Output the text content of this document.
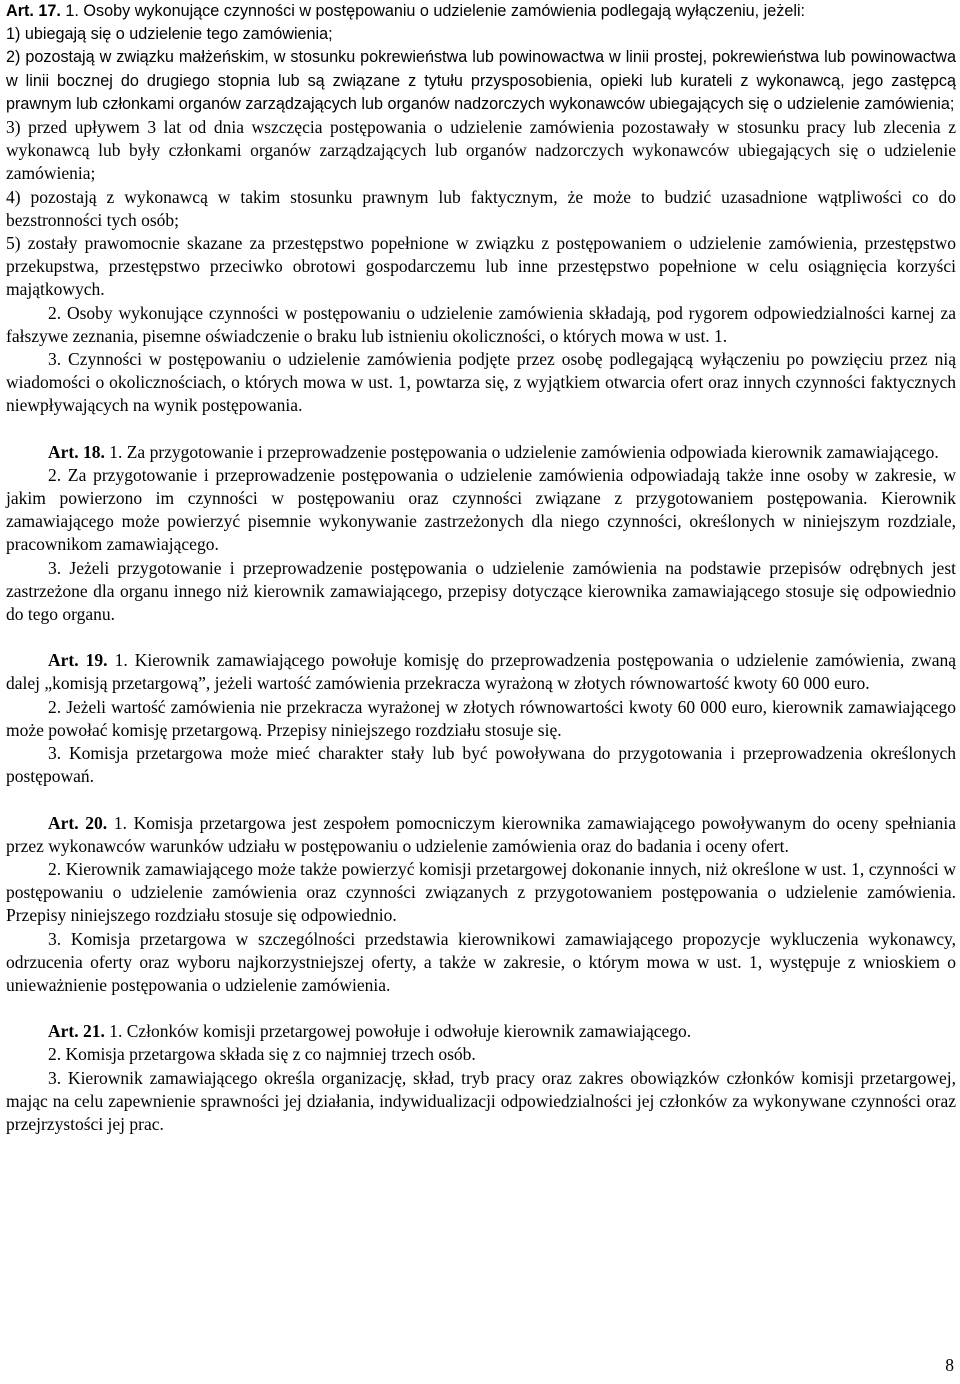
Art. 17. 1. Osoby wykonujące czynności w postępowaniu o udzielenie zamówienia podlegają wyłączeniu, jeżeli:

1) ubiegają się o udzielenie tego zamówienia;

2) pozostają w związku małżeńskim, w stosunku pokrewieństwa lub powinowactwa w linii prostej, pokrewieństwa lub powinowactwa w linii bocznej do drugiego stopnia lub są związane z tytułu przysposobienia, opieki lub kurateli z wykonawcą, jego zastępcą prawnym lub członkami organów zarządzających lub organów nadzorczych wykonawców ubiegających się o udzielenie zamówienia;

3) przed upływem 3 lat od dnia wszczęcia postępowania o udzielenie zamówienia pozostawały w stosunku pracy lub zlecenia z wykonawcą lub były członkami organów zarządzających lub organów nadzorczych wykonawców ubiegających się o udzielenie zamówienia;

4) pozostają z wykonawcą w takim stosunku prawnym lub faktycznym, że może to budzić uzasadnione wątpliwości co do bezstronności tych osób;

5) zostały prawomocnie skazane za przestępstwo popełnione w związku z postępowaniem o udzielenie zamówienia, przestępstwo przekupstwa, przestępstwo przeciwko obrotowi gospodarczemu lub inne przestępstwo popełnione w celu osiągnięcia korzyści majątkowych.

2. Osoby wykonujące czynności w postępowaniu o udzielenie zamówienia składają, pod rygorem odpowiedzialności karnej za fałszywe zeznania, pisemne oświadczenie o braku lub istnieniu okoliczności, o których mowa w ust. 1.

3. Czynności w postępowaniu o udzielenie zamówienia podjęte przez osobę podlegającą wyłączeniu po powzięciu przez nią wiadomości o okolicznościach, o których mowa w ust. 1, powtarza się, z wyjątkiem otwarcia ofert oraz innych czynności faktycznych niewpływających na wynik postępowania.

Art. 18. 1. Za przygotowanie i przeprowadzenie postępowania o udzielenie zamówienia odpowiada kierownik zamawiającego.

2. Za przygotowanie i przeprowadzenie postępowania o udzielenie zamówienia odpowiadają także inne osoby w zakresie, w jakim powierzono im czynności w postępowaniu oraz czynności związane z przygotowaniem postępowania. Kierownik zamawiającego może powierzyć pisemnie wykonywanie zastrzeżonych dla niego czynności, określonych w niniejszym rozdziale, pracownikom zamawiającego.

3. Jeżeli przygotowanie i przeprowadzenie postępowania o udzielenie zamówienia na podstawie przepisów odrębnych jest zastrzeżone dla organu innego niż kierownik zamawiającego, przepisy dotyczące kierownika zamawiającego stosuje się odpowiednio do tego organu.

Art. 19. 1. Kierownik zamawiającego powołuje komisję do przeprowadzenia postępowania o udzielenie zamówienia, zwaną dalej „komisją przetargową”, jeżeli wartość zamówienia przekracza wyrażoną w złotych równowartość kwoty 60 000 euro.

2. Jeżeli wartość zamówienia nie przekracza wyrażonej w złotych równowartości kwoty 60 000 euro, kierownik zamawiającego może powołać komisję przetargową. Przepisy niniejszego rozdziału stosuje się.

3. Komisja przetargowa może mieć charakter stały lub być powoływana do przygotowania i przeprowadzenia określonych postępowań.

Art. 20. 1. Komisja przetargowa jest zespołem pomocniczym kierownika zamawiającego powoływanym do oceny spełniania przez wykonawców warunków udziału w postępowaniu o udzielenie zamówienia oraz do badania i oceny ofert.

2. Kierownik zamawiającego może także powierzyć komisji przetargowej dokonanie innych, niż określone w ust. 1, czynności w postępowaniu o udzielenie zamówienia oraz czynności związanych z przygotowaniem postępowania o udzielenie zamówienia. Przepisy niniejszego rozdziału stosuje się odpowiednio.

3. Komisja przetargowa w szczególności przedstawia kierownikowi zamawiającego propozycje wykluczenia wykonawcy, odrzucenia oferty oraz wyboru najkorzystniejszej oferty, a także w zakresie, o którym mowa w ust. 1, występuje z wnioskiem o unieważnienie postępowania o udzielenie zamówienia.

Art. 21. 1. Członków komisji przetargowej powołuje i odwołuje kierownik zamawiającego.

2. Komisja przetargowa składa się z co najmniej trzech osób.

3. Kierownik zamawiającego określa organizację, skład, tryb pracy oraz zakres obowiązków członków komisji przetargowej, mając na celu zapewnienie sprawności jej działania, indywidualizacji odpowiedzialności jej członków za wykonywane czynności oraz przejrzystości jej prac.

8
